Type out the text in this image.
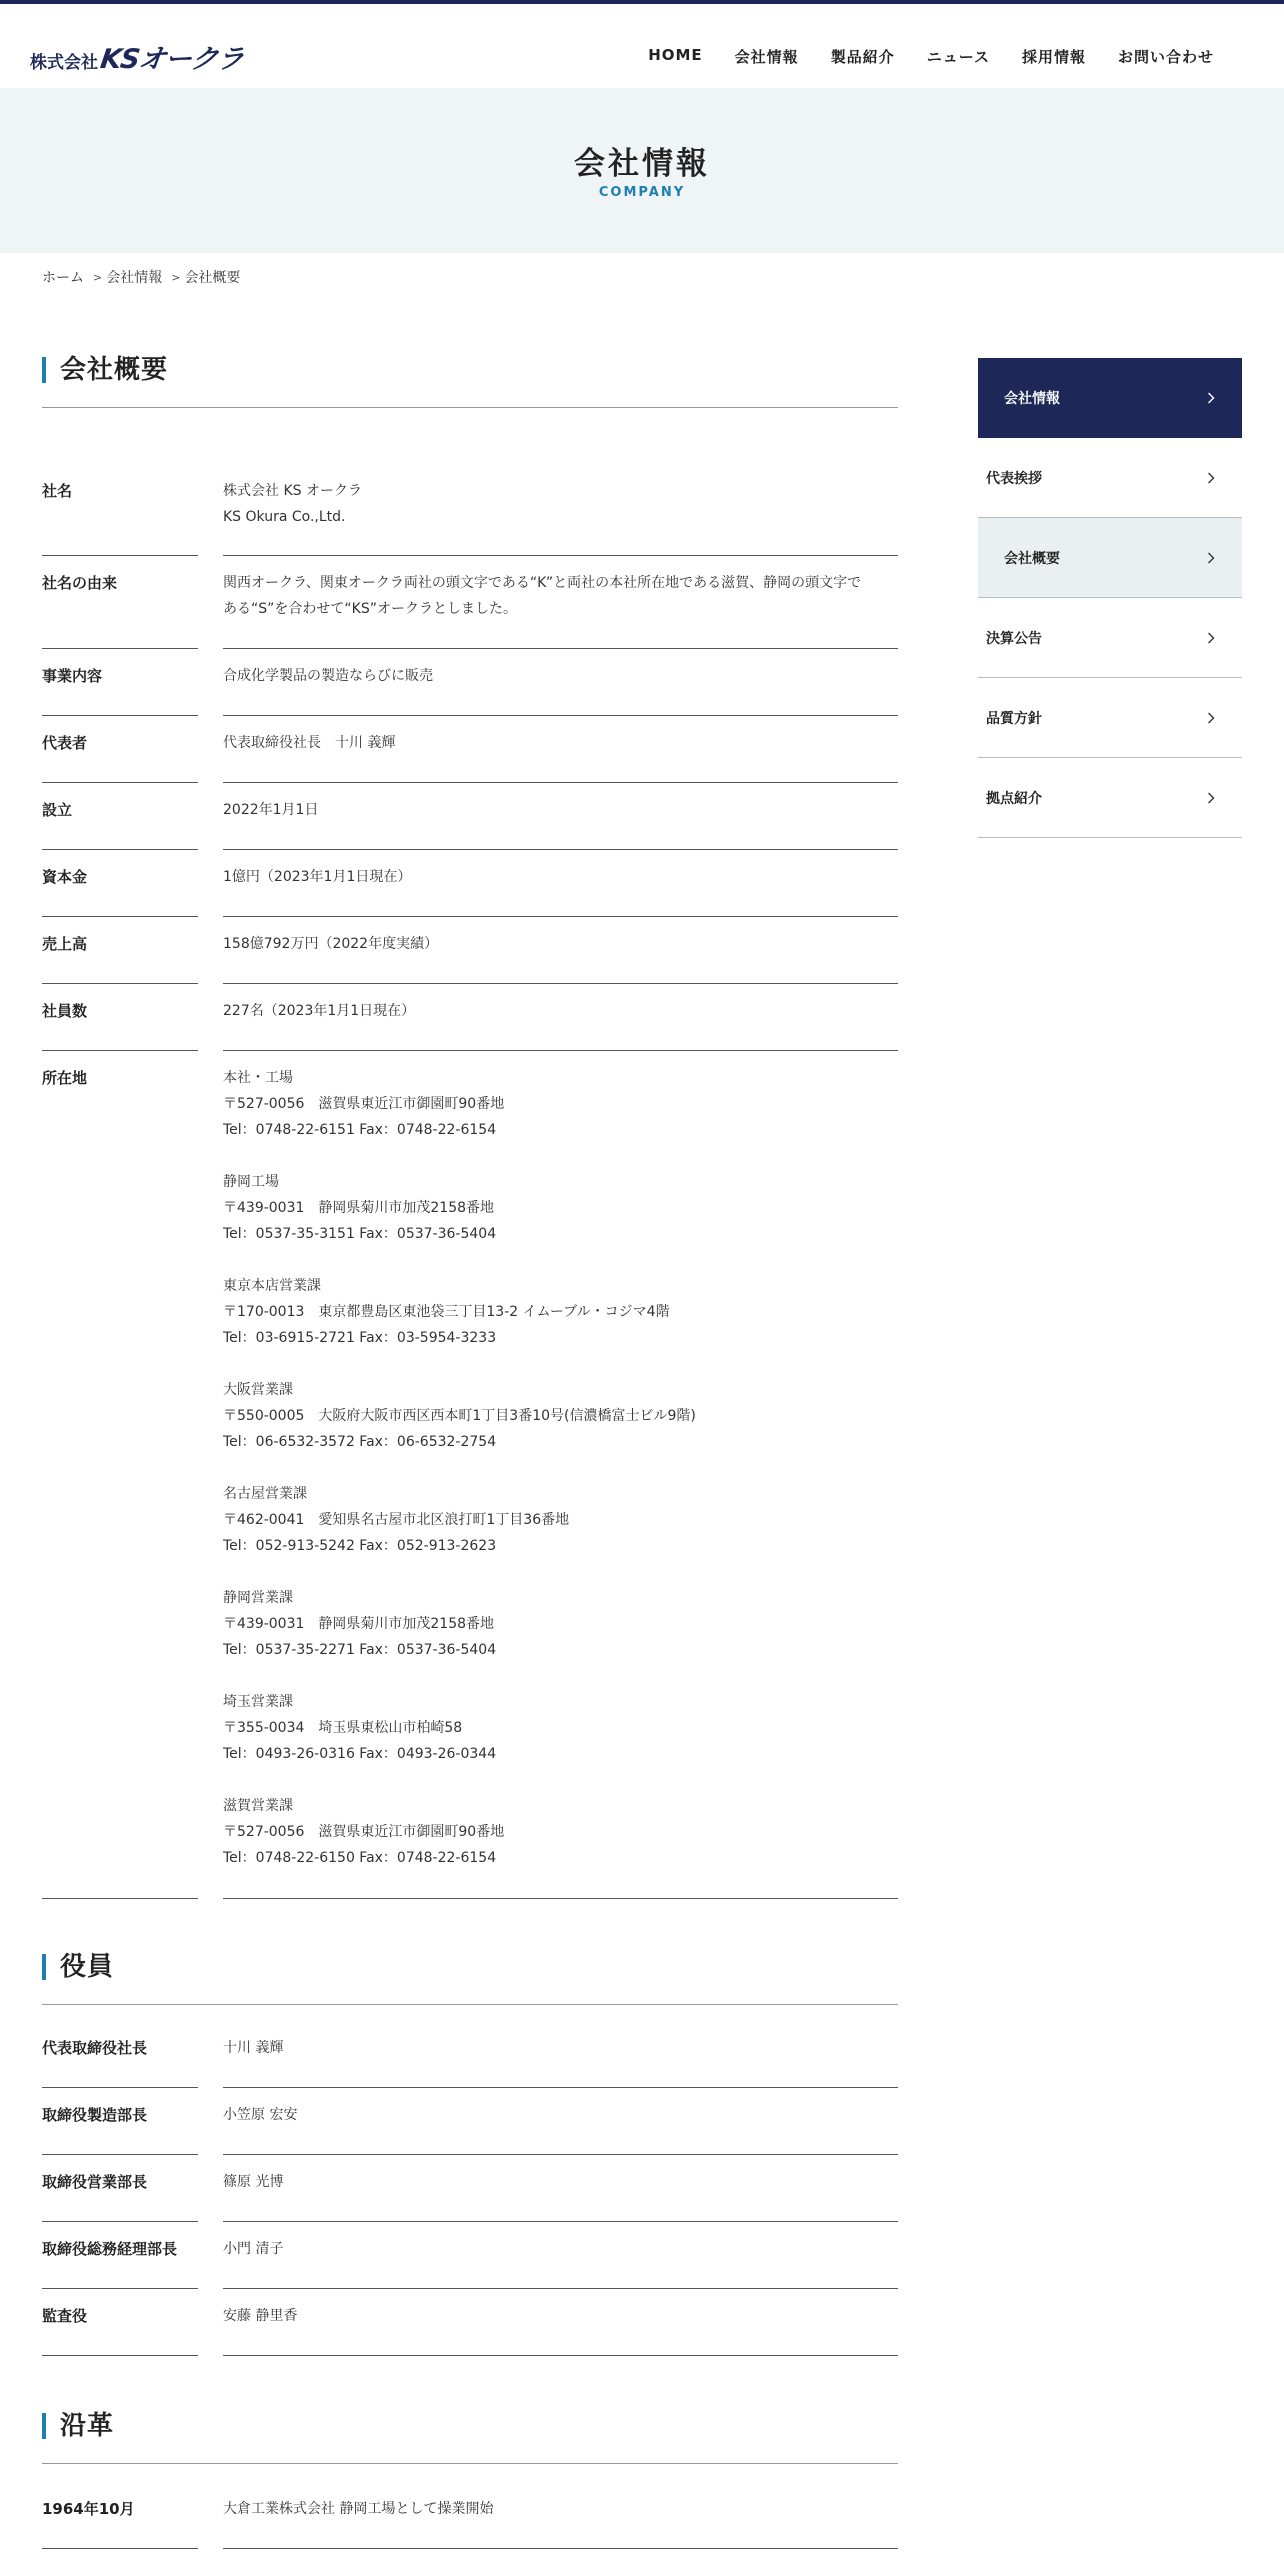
株式会社 KSオークラ	HOME 会社情報 製品紹介 ニュース 採用情報 お問い合わせ
会社情報
COMPANY
ホーム > 会社情報 > 会社概要
会社概要
社名	株式会社 KS オークラ
KS Okura Co.,Ltd.
社名の由来	関西オークラ、関東オークラ両社の頭文字である“K”と両社の本社所在地である滋賀、静岡の頭文字で
ある“S”を合わせて“KS”オークラとしました。
事業内容	合成化学製品の製造ならびに販売
代表者	代表取締役社長　十川 義輝
設立	2022年1月1日
資本金	1億円（2023年1月1日現在）
売上高	158億792万円（2022年度実績）
社員数	227名（2023年1月1日現在）
所在地	本社・工場
〒527-0056　滋賀県東近江市御園町90番地
Tel：0748-22-6151 Fax：0748-22-6154
静岡工場
〒439-0031　静岡県菊川市加茂2158番地
Tel：0537-35-3151 Fax：0537-36-5404
東京本店営業課
〒170-0013　東京都豊島区東池袋三丁目13-2 イムーブル・コジマ4階
Tel：03-6915-2721 Fax：03-5954-3233
大阪営業課
〒550-0005　大阪府大阪市西区西本町1丁目3番10号(信濃橋富士ビル9階)
Tel：06-6532-3572 Fax：06-6532-2754
名古屋営業課
〒462-0041　愛知県名古屋市北区浪打町1丁目36番地
Tel：052-913-5242 Fax：052-913-2623
静岡営業課
〒439-0031　静岡県菊川市加茂2158番地
Tel：0537-35-2271 Fax：0537-36-5404
埼玉営業課
〒355-0034　埼玉県東松山市柏崎58
Tel：0493-26-0316 Fax：0493-26-0344
滋賀営業課
〒527-0056　滋賀県東近江市御園町90番地
Tel：0748-22-6150 Fax：0748-22-6154
役員
代表取締役社長	十川 義輝
取締役製造部長	小笠原 宏安
取締役営業部長	篠原 光博
取締役総務経理部長	小門 清子
監査役	安藤 静里香
沿革
1964年10月	大倉工業株式会社 静岡工場として操業開始
会社情報
代表挨拶
会社概要
決算公告
品質方針
拠点紹介
